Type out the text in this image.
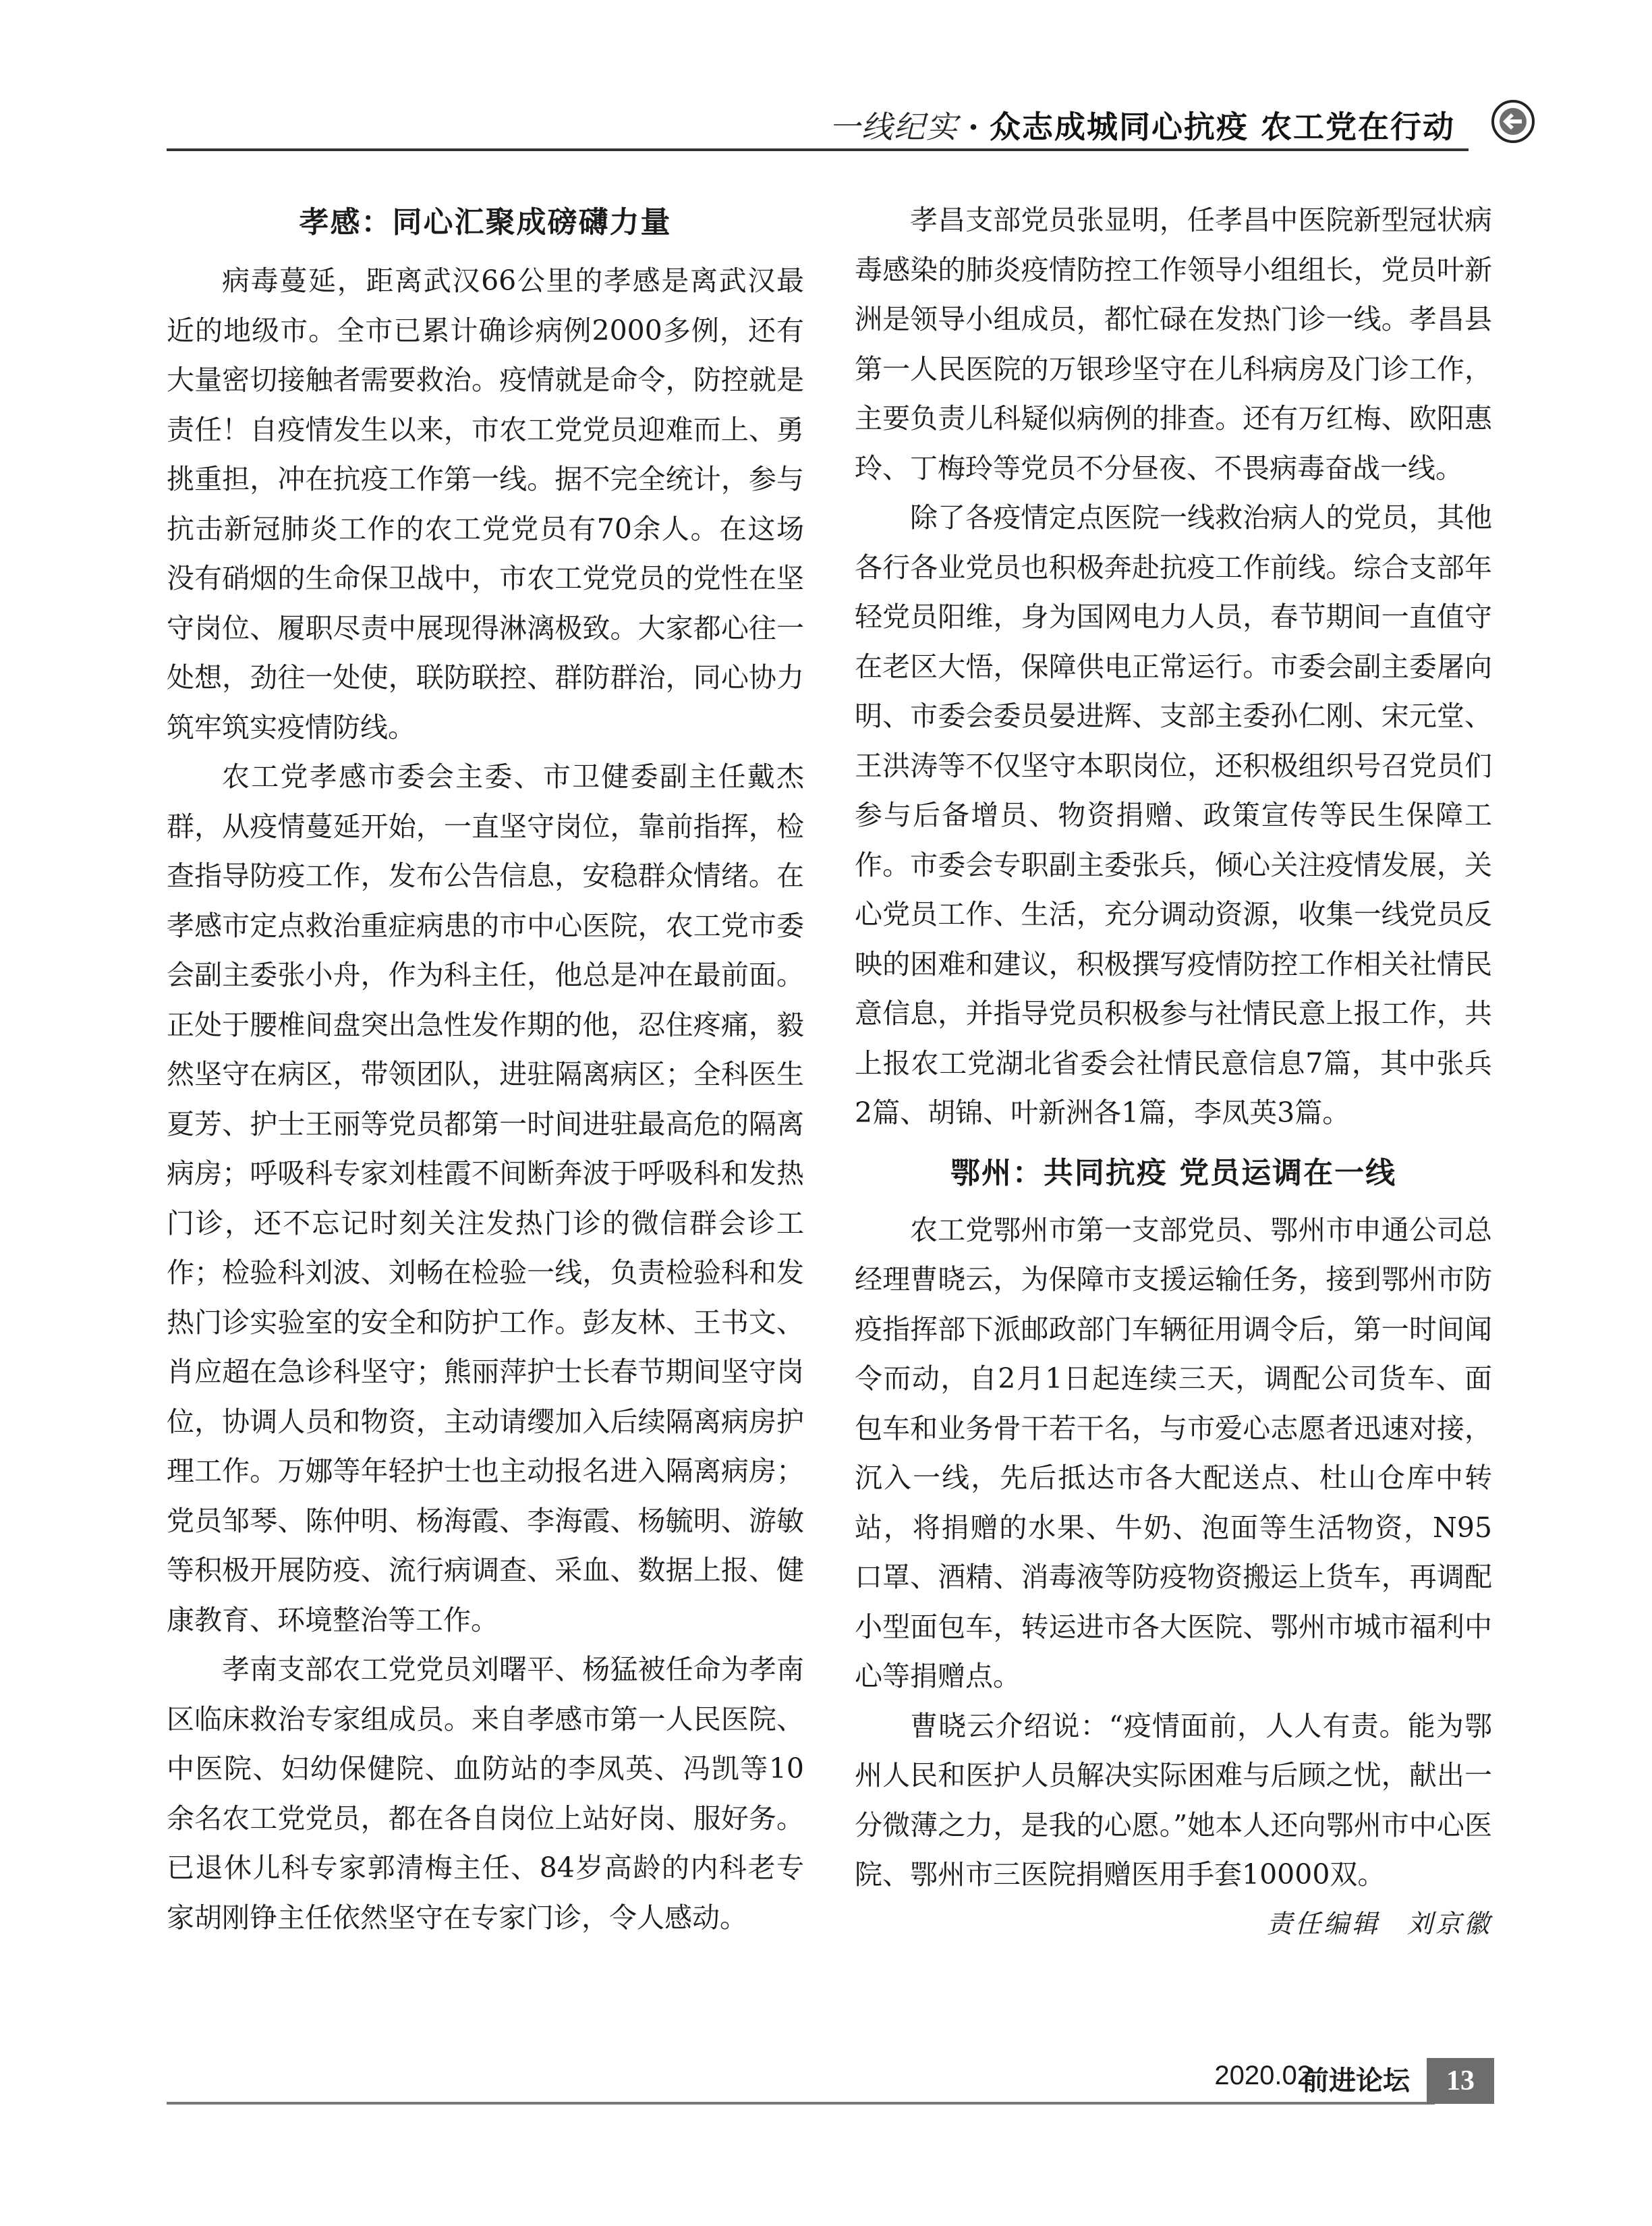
一线纪实 · 众志成城同心抗疫 农工党在行动
孝感：同心汇聚成磅礴力量

病毒蔓延，距离武汉66公里的孝感是离武汉最近的地级市。全市已累计确诊病例2000多例，还有大量密切接触者需要救治。疫情就是命令，防控就是责任！自疫情发生以来，市农工党党员迎难而上、勇挑重担，冲在抗疫工作第一线。据不完全统计，参与抗击新冠肺炎工作的农工党党员有70余人。在这场没有硝烟的生命保卫战中，市农工党党员的党性在坚守岗位、履职尽责中展现得淋漓极致。大家都心往一处想，劲往一处使，联防联控、群防群治，同心协力筑牢筑实疫情防线。

农工党孝感市委会主委、市卫健委副主任戴杰群，从疫情蔓延开始，一直坚守岗位，靠前指挥，检查指导防疫工作，发布公告信息，安稳群众情绪。在孝感市定点救治重症病患的市中心医院，农工党市委会副主委张小舟，作为科主任，他总是冲在最前面。正处于腰椎间盘突出急性发作期的他，忍住疼痛，毅然坚守在病区，带领团队，进驻隔离病区；全科医生夏芳、护士王丽等党员都第一时间进驻最高危的隔离病房；呼吸科专家刘桂霞不间断奔波于呼吸科和发热门诊，还不忘记时刻关注发热门诊的微信群会诊工作；检验科刘波、刘畅在检验一线，负责检验科和发热门诊实验室的安全和防护工作。彭友林、王书文、肖应超在急诊科坚守；熊丽萍护士长春节期间坚守岗位，协调人员和物资，主动请缨加入后续隔离病房护理工作。万娜等年轻护士也主动报名进入隔离病房；党员邹琴、陈仲明、杨海霞、李海霞、杨毓明、游敏等积极开展防疫、流行病调查、采血、数据上报、健康教育、环境整治等工作。

孝南支部农工党党员刘曙平、杨猛被任命为孝南区临床救治专家组成员。来自孝感市第一人民医院、中医院、妇幼保健院、血防站的李凤英、冯凯等10余名农工党党员，都在各自岗位上站好岗、服好务。已退休儿科专家郭清梅主任、84岁高龄的内科老专家胡刚铮主任依然坚守在专家门诊，令人感动。

孝昌支部党员张显明，任孝昌中医院新型冠状病毒感染的肺炎疫情防控工作领导小组组长，党员叶新洲是领导小组成员，都忙碌在发热门诊一线。孝昌县第一人民医院的万银珍坚守在儿科病房及门诊工作，主要负责儿科疑似病例的排查。还有万红梅、欧阳惠玲、丁梅玲等党员不分昼夜、不畏病毒奋战一线。

除了各疫情定点医院一线救治病人的党员，其他各行各业党员也积极奔赴抗疫工作前线。综合支部年轻党员阳维，身为国网电力人员，春节期间一直值守在老区大悟，保障供电正常运行。市委会副主委屠向明、市委会委员晏进辉、支部主委孙仁刚、宋元堂、王洪涛等不仅坚守本职岗位，还积极组织号召党员们参与后备增员、物资捐赠、政策宣传等民生保障工作。市委会专职副主委张兵，倾心关注疫情发展，关心党员工作、生活，充分调动资源，收集一线党员反映的困难和建议，积极撰写疫情防控工作相关社情民意信息，并指导党员积极参与社情民意上报工作，共上报农工党湖北省委会社情民意信息7篇，其中张兵2篇、胡锦、叶新洲各1篇，李凤英3篇。

鄂州：共同抗疫 党员运调在一线

农工党鄂州市第一支部党员、鄂州市申通公司总经理曹晓云，为保障市支援运输任务，接到鄂州市防疫指挥部下派邮政部门车辆征用调令后，第一时间闻令而动，自2月1日起连续三天，调配公司货车、面包车和业务骨干若干名，与市爱心志愿者迅速对接，沉入一线，先后抵达市各大配送点、杜山仓库中转站，将捐赠的水果、牛奶、泡面等生活物资，N95口罩、酒精、消毒液等防疫物资搬运上货车，再调配小型面包车，转运进市各大医院、鄂州市城市福利中心等捐赠点。

曹晓云介绍说：“疫情面前，人人有责。能为鄂州人民和医护人员解决实际困难与后顾之忧，献出一分微薄之力，是我的心愿。”她本人还向鄂州市中心医院、鄂州市三医院捐赠医用手套10000双。

责任编辑 刘京徽
2020.02
前进论坛	13
